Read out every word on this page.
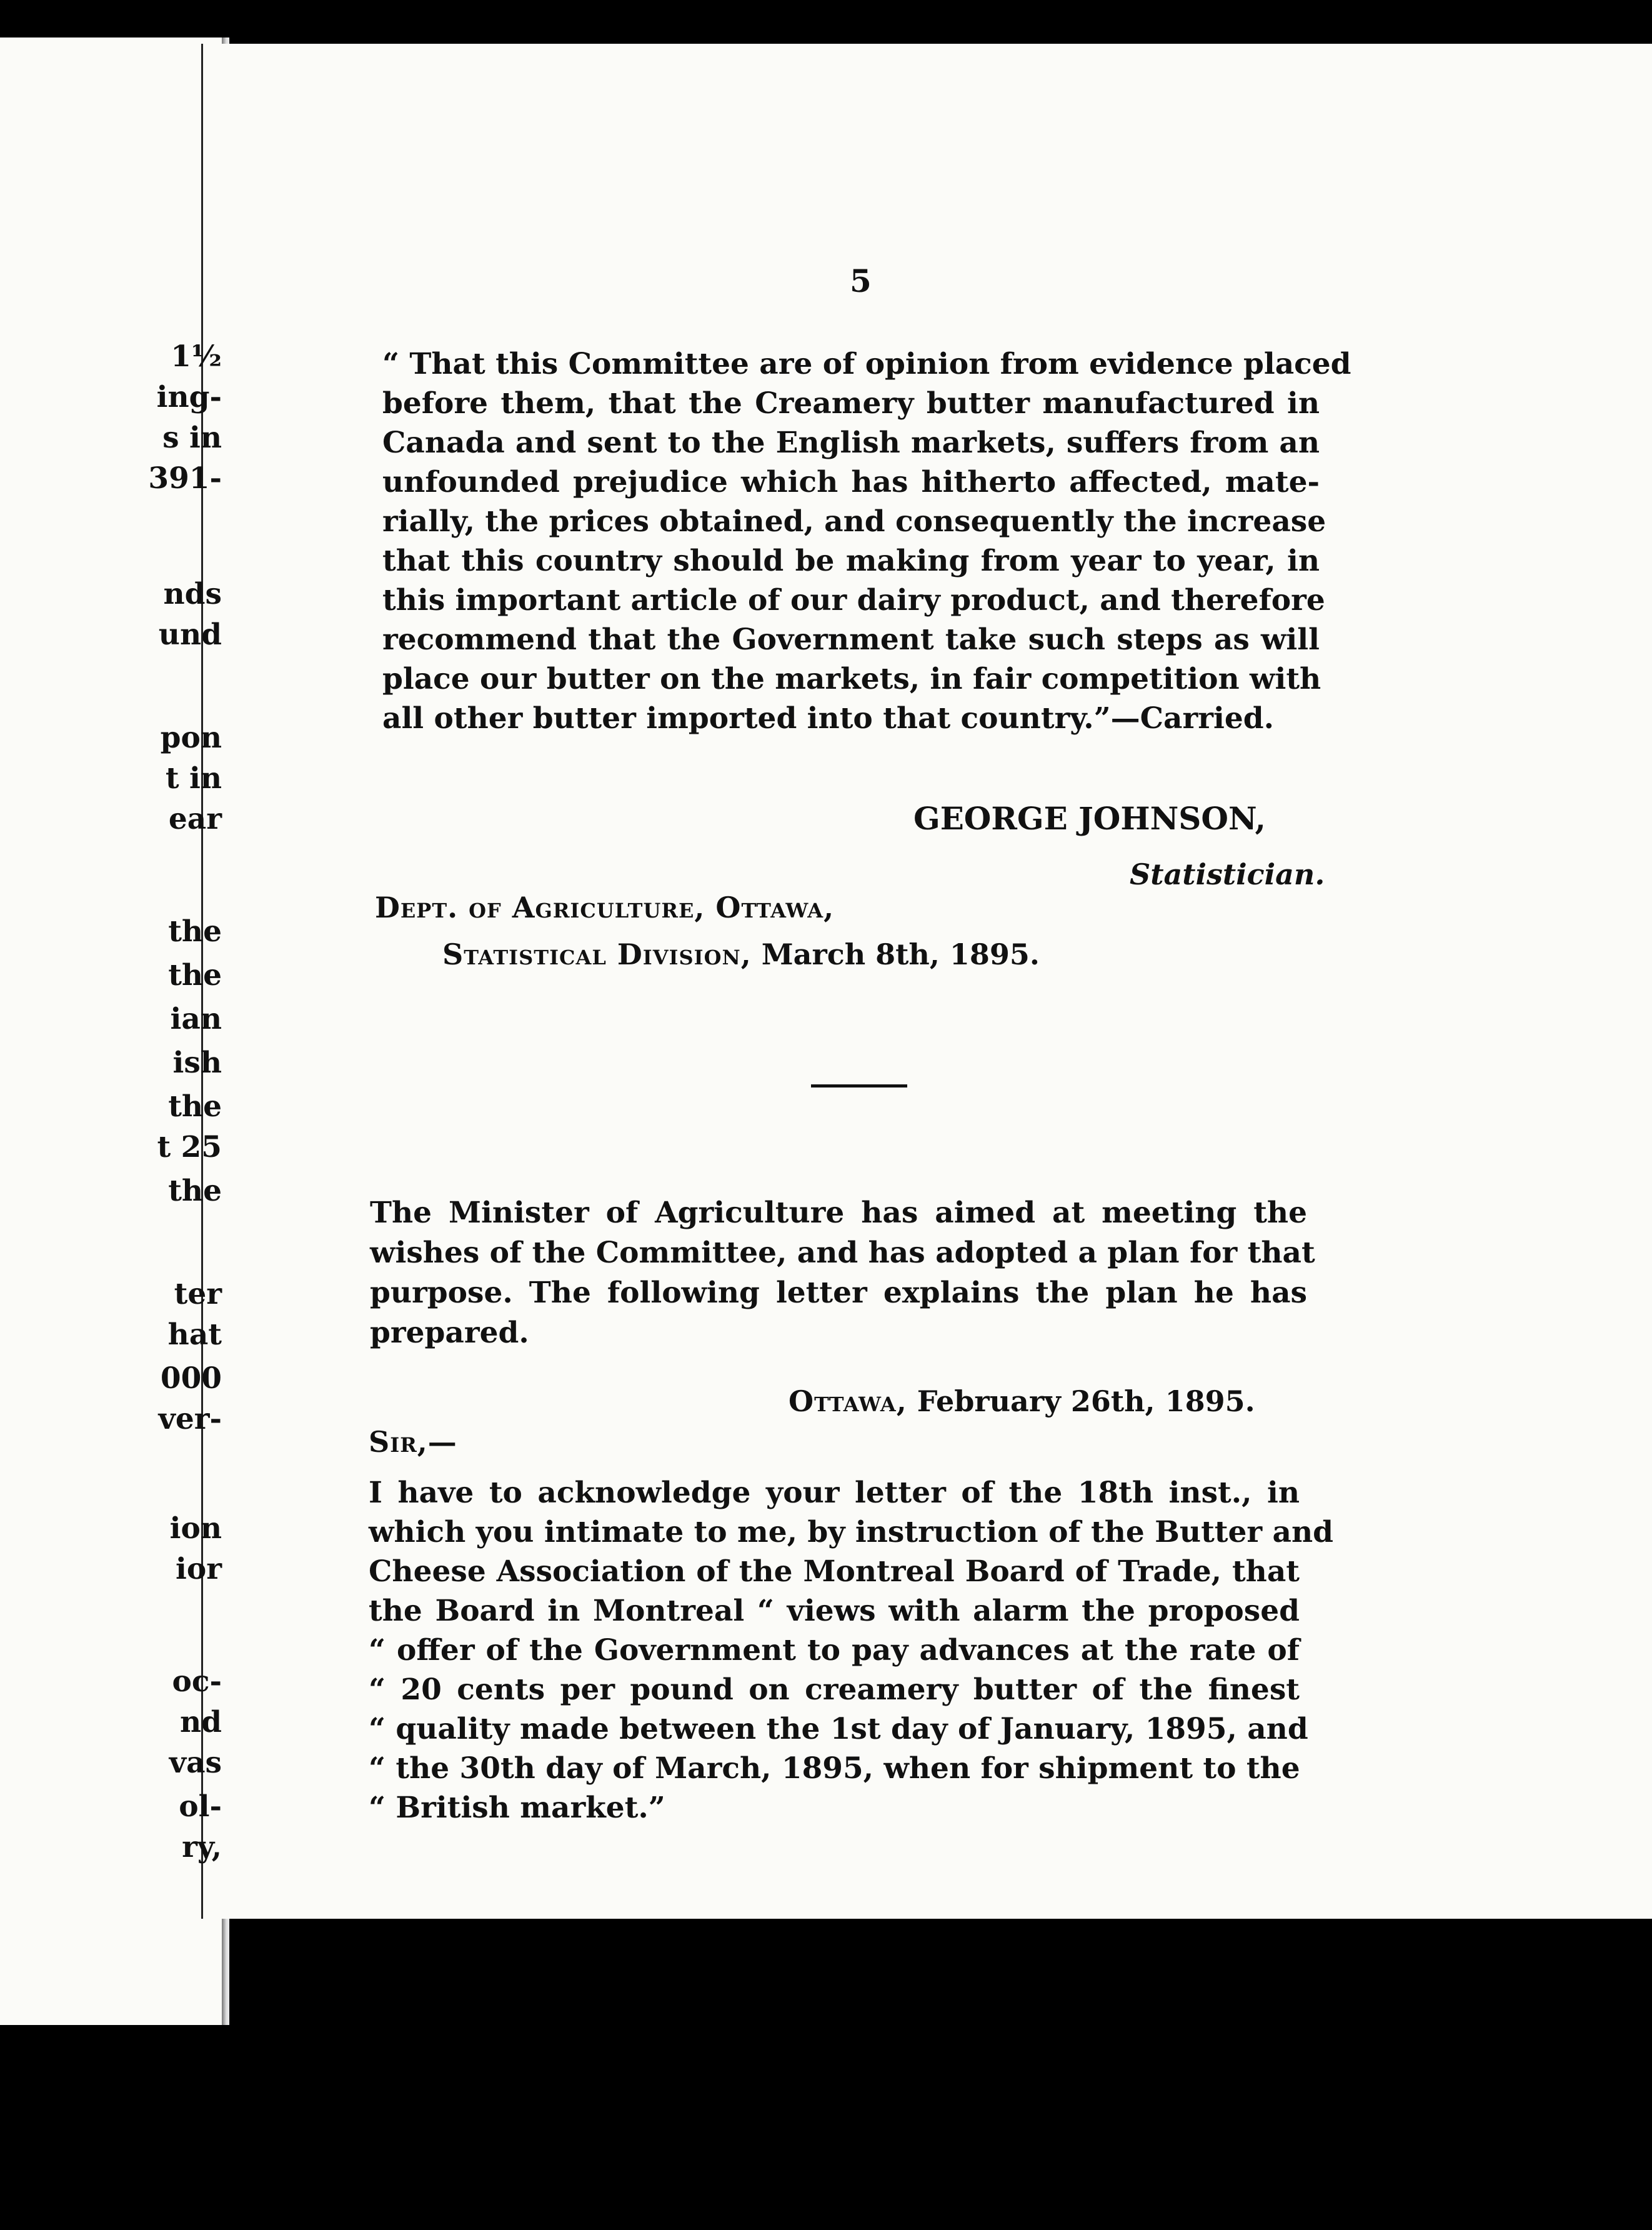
5
“ That this Committee are of opinion from evidence placed
before them, that the Creamery butter manufactured in
Canada and sent to the English markets, suffers from an
unfounded prejudice which has hitherto affected, mate-
rially, the prices obtained, and consequently the increase
that this country should be making from year to year, in
this important article of our dairy product, and therefore
recommend that the Government take such steps as will
place our butter on the markets, in fair competition with
all other butter imported into that country.”—Carried.
GEORGE JOHNSON,
Statistician.
Dept. of Agriculture, Ottawa,
Statistical Division, March 8th, 1895.
The Minister of Agriculture has aimed at meeting the
wishes of the Committee, and has adopted a plan for that
purpose. The following letter explains the plan he has
prepared.
Ottawa, February 26th, 1895.
Sir,—
I have to acknowledge your letter of the 18th inst., in
which you intimate to me, by instruction of the Butter and
Cheese Association of the Montreal Board of Trade, that
the Board in Montreal “ views with alarm the proposed
“ offer of the Government to pay advances at the rate of
“ 20 cents per pound on creamery butter of the finest
“ quality made between the 1st day of January, 1895, and
“ the 30th day of March, 1895, when for shipment to the
“ British market.”
1½
ing-
s in
391-
nds
und
pon
t in
ear
the
the
ian
ish
the
t 25
the
ter
hat
000
ver-
ion
ior
oc-
nd
vas
ol-
ry,
